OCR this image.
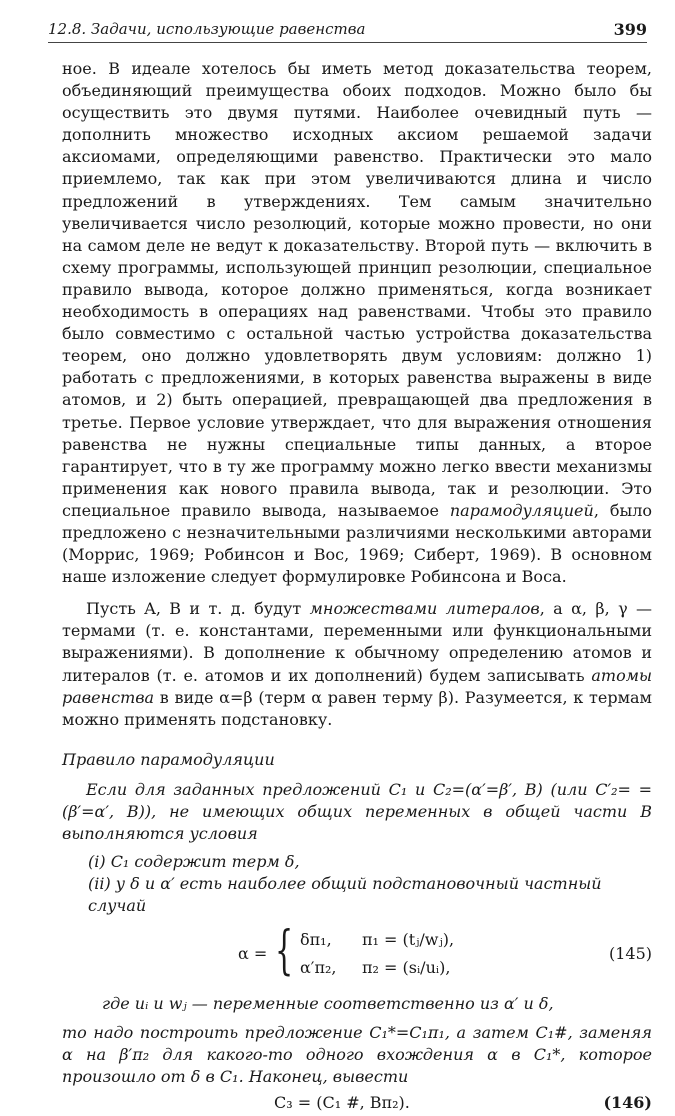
12.8. Задачи, использующие равенства	399

ное. В идеале хотелось бы иметь метод доказательства теорем, объединяющий преимущества обоих подходов. Можно было бы осуществить это двумя путями. Наиболее очевидный путь — дополнить множество исходных аксиом решаемой задачи аксиомами, определяющими равенство. Практически это мало приемлемо, так как при этом увеличиваются длина и число предложений в утверждениях. Тем самым значительно увеличивается число резолюций, которые можно провести, но они на самом деле не ведут к доказательству. Второй путь — включить в схему программы, использующей принцип резолюции, специальное правило вывода, которое должно применяться, когда возникает необходимость в операциях над равенствами. Чтобы это правило было совместимо с остальной частью устройства доказательства теорем, оно должно удовлетворять двум условиям: должно 1) работать с предложениями, в которых равенства выражены в виде атомов, и 2) быть операцией, превращающей два предложения в третье. Первое условие утверждает, что для выражения отношения равенства не нужны специальные типы данных, а второе гарантирует, что в ту же программу можно легко ввести механизмы применения как нового правила вывода, так и резолюции. Это специальное правило вывода, называемое парамодуляцией, было предложено с незначительными различиями несколькими авторами (Моррис, 1969; Робинсон и Вос, 1969; Сиберт, 1969). В основном наше изложение следует формулировке Робинсона и Воса.

Пусть A, B и т. д. будут множествами литералов, а α, β, γ — термами (т. е. константами, переменными или функциональными выражениями). В дополнение к обычному определению атомов и литералов (т. е. атомов и их дополнений) будем записывать атомы равенства в виде α=β (терм α равен терму β). Разумеется, к термам можно применять подстановку.

Правило парамодуляции

Если для заданных предложений C₁ и C₂=(α′=β′, B) (или C′₂= =(β′=α′, B)), не имеющих общих переменных в общей части B выполняются условия

(i) C₁ содержит терм δ,

(ii) у δ и α′ есть наиболее общий подстановочный частный случай

α = { δπ₁, π₁ = (tⱼ/wⱼ),
α′π₂, π₂ = (sᵢ/uᵢ),
(145)

где uᵢ и wⱼ — переменные соответственно из α′ и δ,

то надо построить предложение C₁*=C₁π₁, а затем C₁#, заменяя α на β′π₂ для какого-то одного вхождения α в C₁*, которое произошло от δ в C₁. Наконец, вывести

C₃ = (C₁ #, Bπ₂).	(146)
